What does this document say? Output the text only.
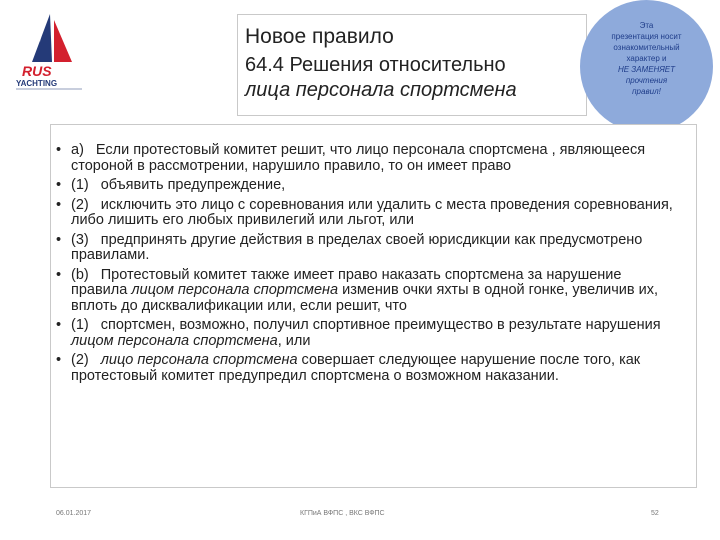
RUS
YACHTING
Новое правило
64.4 Решения относительно
лица персонала спортсмена
Эта
презентация носит
ознакомительный
характер и
НЕ ЗАМЕНЯЕТ
прочтения
правил!
• a) Если протестовый комитет решит, что лицо персонала спортсмена , являющееся стороной в рассмотрении, нарушило правило, то он имеет право
• (1) объявить предупреждение,
• (2) исключить это лицо с соревнования или удалить с места проведения соревнования, либо лишить его любых привилегий или льгот, или
• (3) предпринять другие действия в пределах своей юрисдикции как предусмотрено правилами.
• (b) Протестовый комитет также имеет право наказать спортсмена за нарушение правила лицом персонала спортсмена изменив очки яхты в одной гонке, увеличив их, вплоть до дисквалификации или, если решит, что
• (1) спортсмен, возможно, получил спортивное преимущество в результате нарушения лицом персонала спортсмена, или
• (2) лицо персонала спортсмена совершает следующее нарушение после того, как протестовый комитет предупредил спортсмена о возможном наказании.
06.01.2017	КГПиА ВФПС , ВКС ВФПС	52
